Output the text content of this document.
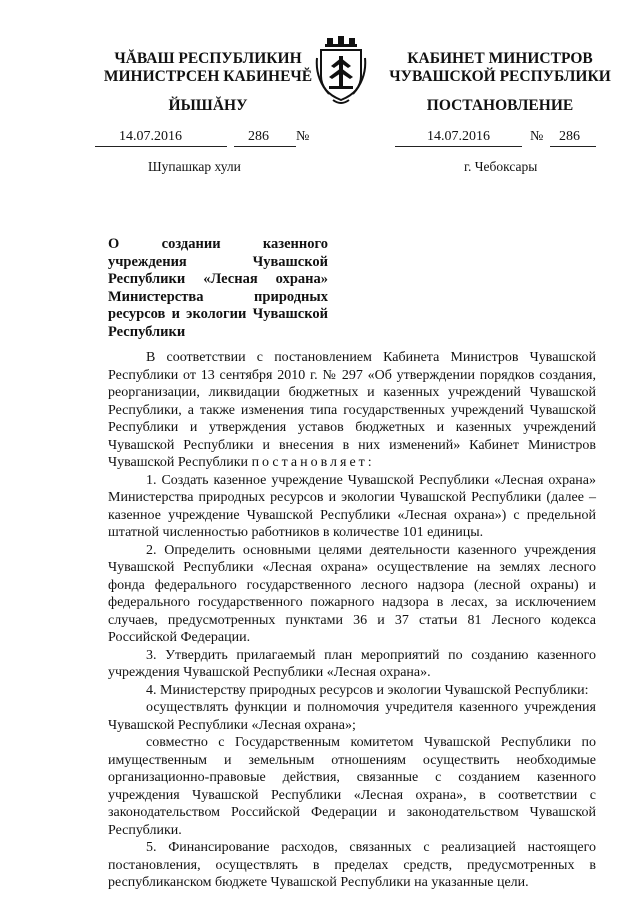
ЧĂВАШ РЕСПУБЛИКИН
МИНИСТРСЕН КАБИНЕЧĔ
ЙЫШĂНУ
КАБИНЕТ МИНИСТРОВ
ЧУВАШСКОЙ РЕСПУБЛИКИ
ПОСТАНОВЛЕНИЕ
14.07.2016	286 №	14.07.2016	№ 286
Шупашкар хули	г. Чебоксары
О создании казенного учреждения Чувашской Республики «Лесная охрана» Министерства природных ресурсов и экологии Чувашской Республики

В соответствии с постановлением Кабинета Министров Чувашской Республики от 13 сентября 2010 г. № 297 «Об утверждении порядков создания, реорганизации, ликвидации бюджетных и казенных учреждений Чувашской Республики, а также изменения типа государственных учреждений Чувашской Республики и утверждения уставов бюджетных и казенных учреждений Чувашской Республики и внесения в них изменений» Кабинет Министров Чувашской Республики постановляет:

1. Создать казенное учреждение Чувашской Республики «Лесная охрана» Министерства природных ресурсов и экологии Чувашской Республики (далее – казенное учреждение Чувашской Республики «Лесная охрана») с предельной штатной численностью работников в количестве 101 единицы.

2. Определить основными целями деятельности казенного учреждения Чувашской Республики «Лесная охрана» осуществление на землях лесного фонда федерального государственного лесного надзора (лесной охраны) и федерального государственного пожарного надзора в лесах, за исключением случаев, предусмотренных пунктами 36 и 37 статьи 81 Лесного кодекса Российской Федерации.

3. Утвердить прилагаемый план мероприятий по созданию казенного учреждения Чувашской Республики «Лесная охрана».

4. Министерству природных ресурсов и экологии Чувашской Республики:

осуществлять функции и полномочия учредителя казенного учреждения Чувашской Республики «Лесная охрана»;

совместно с Государственным комитетом Чувашской Республики по имущественным и земельным отношениям осуществить необходимые организационно-правовые действия, связанные с созданием казенного учреждения Чувашской Республики «Лесная охрана», в соответствии с законодательством Российской Федерации и законодательством Чувашской Республики.

5. Финансирование расходов, связанных с реализацией настоящего постановления, осуществлять в пределах средств, предусмотренных в республиканском бюджете Чувашской Республики на указанные цели.
